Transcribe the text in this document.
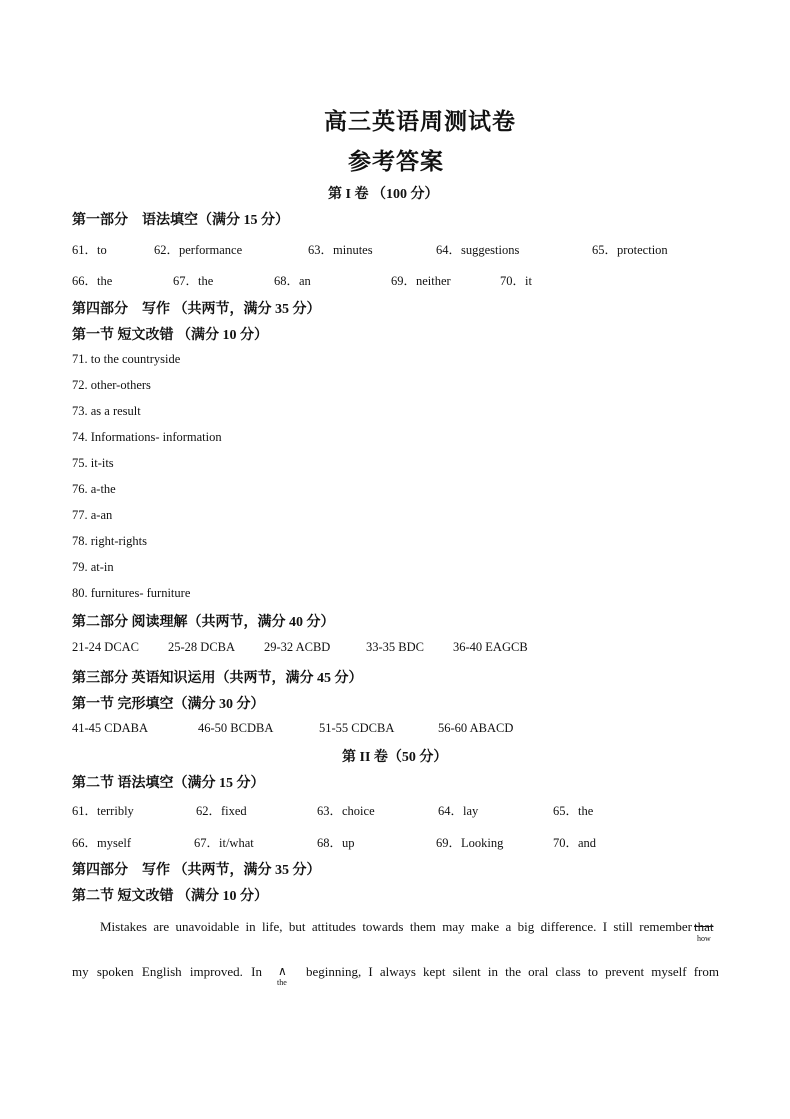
高三英语周测试卷
参考答案
第 I 卷 （100 分）
第一部分　语法填空（满分 15 分）
61．to	62．performance	63．minutes	64．suggestions	65．protection
66．the	67．the	68．an	69．neither	70．it
第四部分　写作 （共两节，满分 35 分）
第一节 短文改错 （满分 10 分）
71. to the countryside
72. other-others
73. as a result
74. Informations- information
75. it-its
76. a-the
77. a-an
78. right-rights
79. at-in
80. furnitures- furniture
第二部分 阅读理解（共两节，满分 40 分）
21-24 DCAC 25-28 DCBA 29-32 ACBD	33-35 BDC 36-40 EAGCB
第三部分 英语知识运用（共两节，满分 45 分）
第一节 完形填空（满分 30 分）
41-45 CDABA	46-50 BCDBA	51-55 CDCBA	56-60 ABACD
第 II 卷（50 分）
第二节 语法填空（满分 15 分）
61．terribly	62．fixed	63．choice	64．lay	65．the
66．myself	67．it/what	68．up	69．Looking	70．and
第四部分　写作 （共两节，满分 35 分）
第二节 短文改错 （满分 10 分）
Mistakes are unavoidable in life, but attitudes towards them may make a big difference. I still remember that
how
my spoken English improved. In ∧
the
beginning, I always kept silent in the oral class to prevent myself from
